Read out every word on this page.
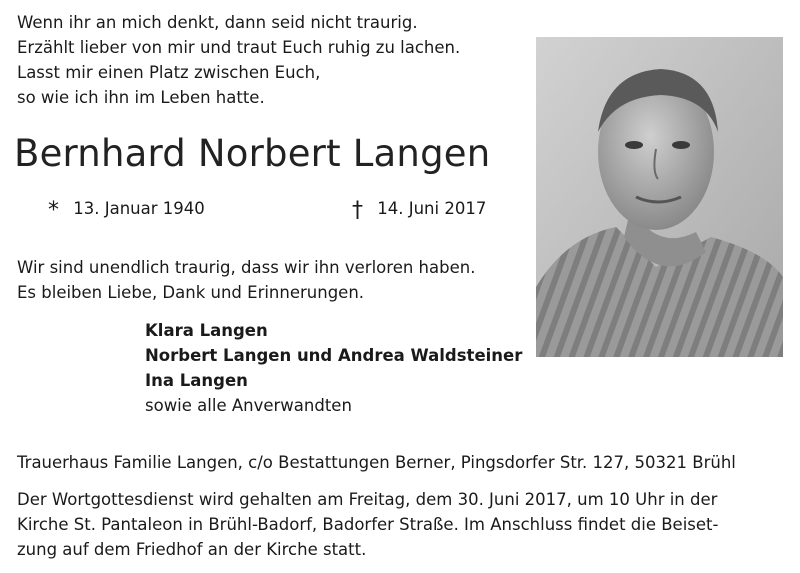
Wenn ihr an mich denkt, dann seid nicht traurig.
Erzählt lieber von mir und traut Euch ruhig zu lachen.
Lasst mir einen Platz zwischen Euch,
so wie ich ihn im Leben hatte.
Bernhard Norbert Langen
* 13. Januar 1940	† 14. Juni 2017
Wir sind unendlich traurig, dass wir ihn verloren haben.
Es bleiben Liebe, Dank und Erinnerungen.
Klara Langen
Norbert Langen und Andrea Waldsteiner
Ina Langen
sowie alle Anverwandten
Trauerhaus Familie Langen, c/o Bestattungen Berner, Pingsdorfer Str. 127, 50321 Brühl
Der Wortgottesdienst wird gehalten am Freitag, dem 30. Juni 2017, um 10 Uhr in der
Kirche St. Pantaleon in Brühl-Badorf, Badorfer Straße. Im Anschluss findet die Beiset-
zung auf dem Friedhof an der Kirche statt.
